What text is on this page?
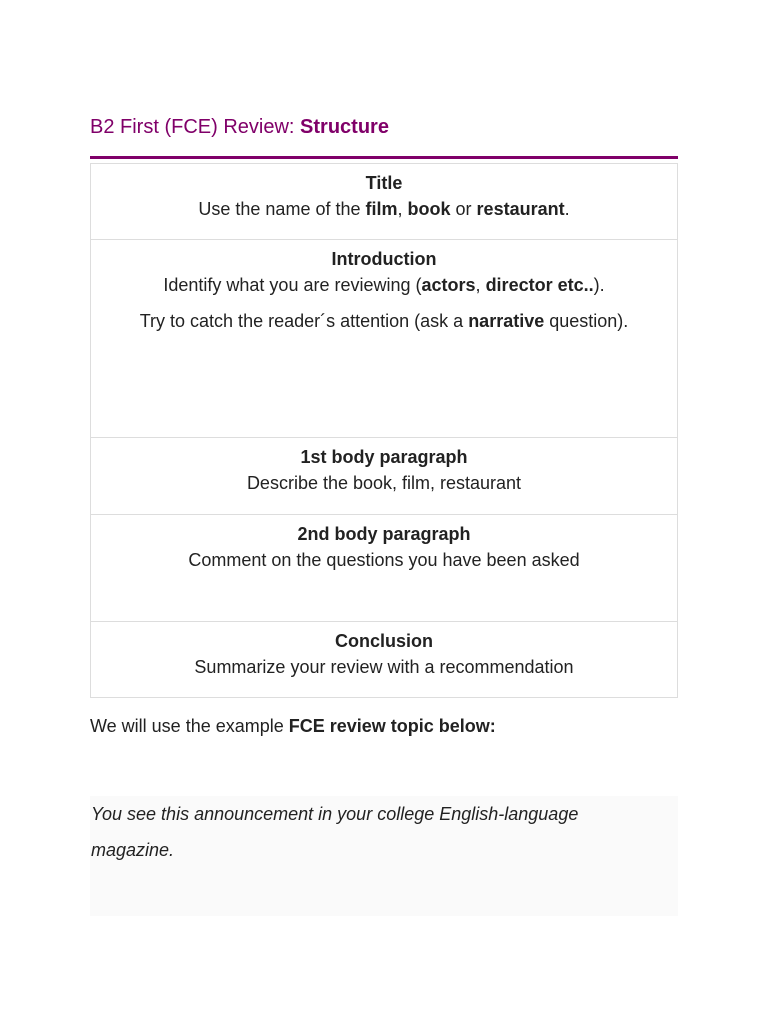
B2 First (FCE) Review: Structure
Title
Use the name of the film, book or restaurant.

Introduction
Identify what you are reviewing (actors, director etc..).
Try to catch the reader´s attention (ask a narrative question).

1st body paragraph
Describe the book, film, restaurant

2nd body paragraph
Comment on the questions you have been asked

Conclusion
Summarize your review with a recommendation

We will use the example FCE review topic below:

You see this announcement in your college English-language magazine.
